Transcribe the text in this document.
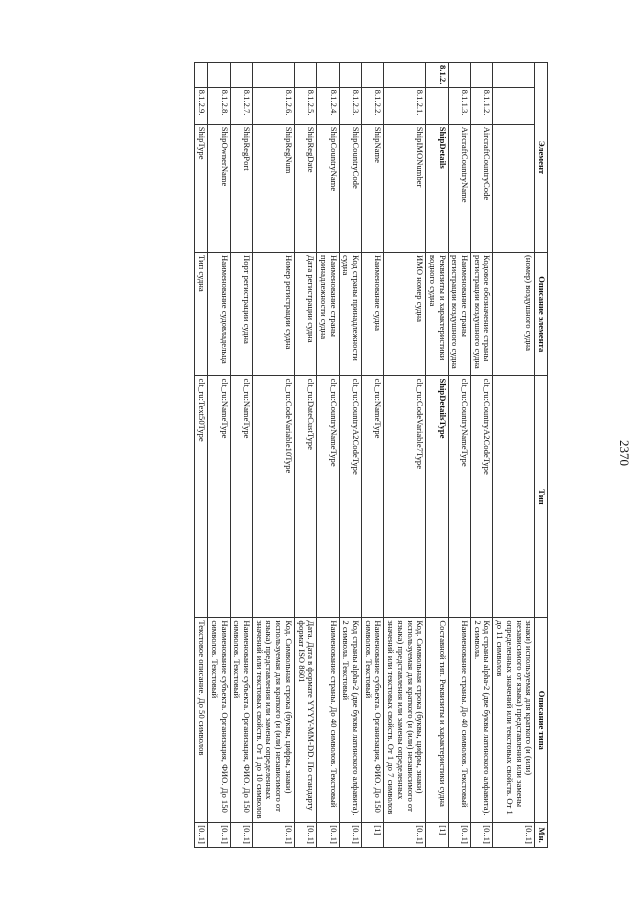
2370
Элемент			Описание элемента	Тип	Описание типа	Мн.
			(номер) воздушного судна		знаки) используемая для краткого (и (или) независимого от языка) представления или замены определенных значений или текстовых свойств. От 1 до 11 символов	[0..1]
	8.1.1.2.	AircraftCountryCode	Кодовое обозначение страны регистрации воздушного судна	clt_ru:CountryA2CodeType	Код страны alpha-2 (две буквы латинского алфавита). 2 символа.	[0..1]
	8.1.1.3.	AircraftCountryName	Наименование страны регистрации воздушного судна	clt_ru:CountryNameType	Наименование страны. До 40 символов. Текстовый	[0..1]
8.1.2.		ShipDetails	Реквизиты и характеристики водного судна	ShipDetailsType	Составной тип. Реквизиты и характеристики судна	[1]
	8.1.2.1.	ShipIMONumber	ИМО номер судна	clt_ru:CodeVariable7Type	Код. Символьная строка (буквы, цифры, знаки) используемая для краткого (и (или) независимого от языка) представления или замены определенных значений или текстовых свойств. От 1 до 7 символов	[0..1]
	8.1.2.2.	ShipName	Наименование судна	clt_ru:NameType	Наименование субъекта. Организация, ФИО. До 150 символов. Текстовый	[1]
	8.1.2.3.	ShipCountryCode	Код страны принадлежности судна	clt_ru:CountryA2CodeType	Код страны alpha-2 (две буквы латинского алфавита). 2 символа. Текстовый	[0..1]
	8.1.2.4.	ShipCountryName	Наименование страны принадлежности судна	clt_ru:CountryNameType	Наименование страны. До 40 символов. Текстовый	[0..1]
	8.1.2.5.	ShipRegDate	Дата регистрации судна	clt_ru:DateCustType	Дата. Дата в формате YYYY-MM-DD. По стандарту формат ISO 8601	[0..1]
	8.1.2.6.	ShipRegNum	Номер регистрации судна	clt_ru:CodeVariable10Type	Код. Символьная строка (буквы, цифры, знаки) используемая для краткого (и (или) независимого от языка) представления или замены определенных значений или текстовых свойств. От 1 до 10 символов	[0..1]
	8.1.2.7.	ShipRegPort	Порт регистрации судна	clt_ru:NameType	Наименование субъекта. Организация, ФИО. До 150 символов. Текстовый	[0..1]
	8.1.2.8.	ShipOwnerName	Наименование судовладельца	clt_ru:NameType	Наименование субъекта. Организация, ФИО. До 150 символов. Текстовый	[0..1]
	8.1.2.9.	ShipType	Тип судна	clt_ru:Text50Type	Текстовое описание. До 50 символов	[0..1]
